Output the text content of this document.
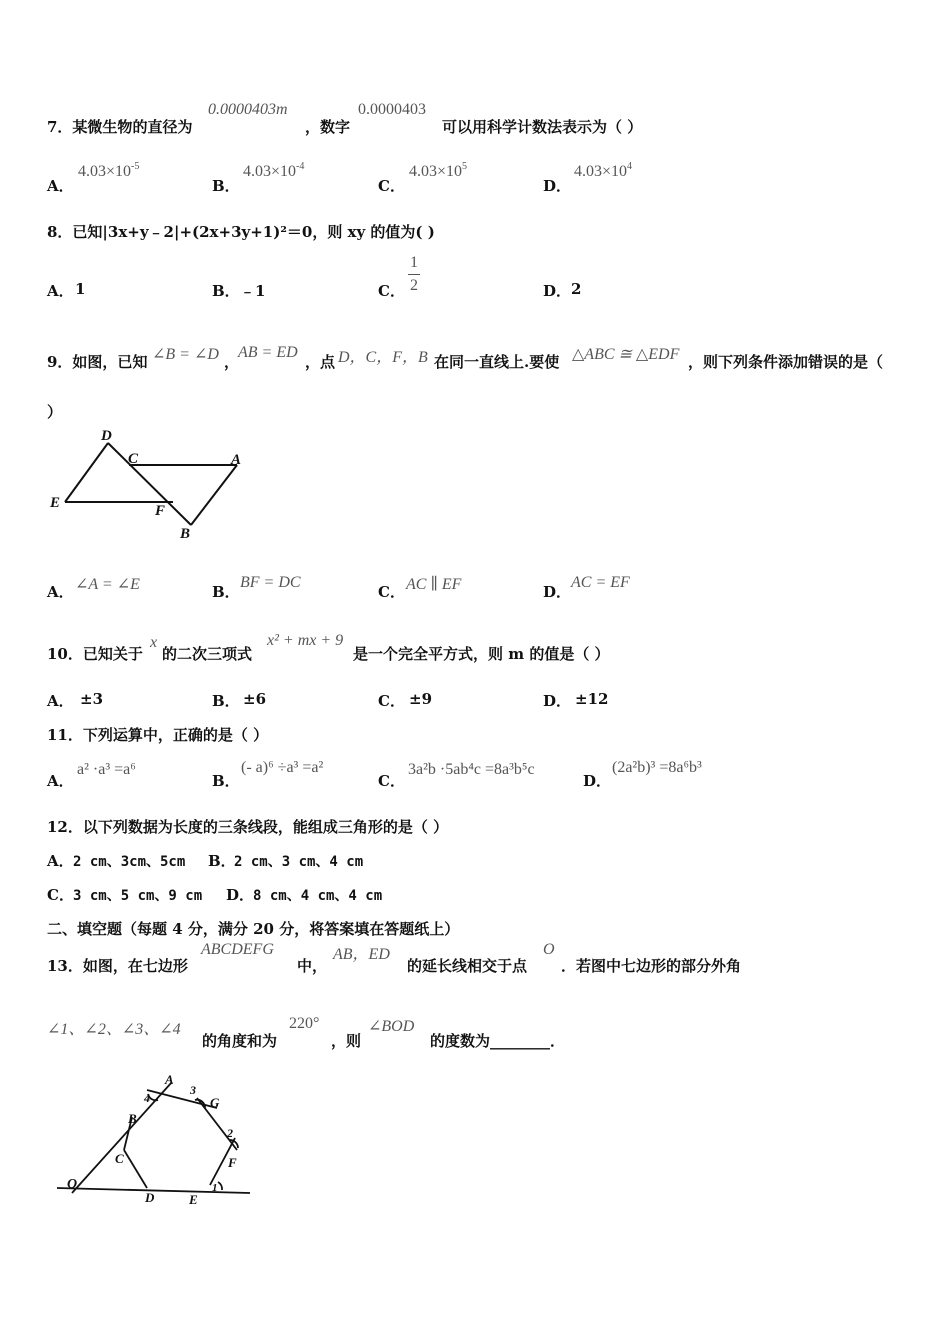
7．某微生物的直径为
0.0000403m
，数字
0.0000403
可以用科学计数法表示为（ ）
A．
$4.03\times 10^{-5}$
B．
$4.03\times 10^{-4}$
C．
$4.03\times 10^5$
D．
$4.03\times 10^4$
8．已知|3x+y﹣2|+(2x+3y+1)²＝0，则 xy 的值为( )
A． 1	B． ﹣1	C．
1
2	D． 2
9．如图，已知 ∠B = ∠D ，
AB = ED
，点 D，C，F，B 在同一直线上.要使 △ABC ≅ △EDF ，则下列条件添加错误的是（
）
D
C	A
E	F
B
A． ∠A = ∠E	B．
BF = DC
C． AC ∥ EF	D．
AC = EF
10．已知关于
x
的二次三项式
x² + mx + 9
是一个完全平方式，则 m 的值是（ ）
A． ±3	B． ±6	C． ±9	D． ±12
11．下列运算中，正确的是（ ）
A．
a² ·a³ =a⁶
B．
(- a)⁶ ÷a³ =a²
C．
3a²b ·5ab⁴c =8a³b⁵c
D．
(2a²b)³ =8a⁶b³
12．以下列数据为长度的三条线段，能组成三角形的是（ ）
A． 2 cm、3cm、5cm B．
2 cm、3 cm、4 cm
C． 3 cm、5 cm、9 cm D．
8 cm、4 cm、4 cm
二、填空题（每题 4 分，满分 20 分，将答案填在答题纸上）
13．如图，在七边形
ABCDEFG
中，
AB，ED
的延长线相交于点
O
．若图中七边形的部分外角
∠1、∠2、∠3、∠4
的角度和为
220°
，则
∠BOD
的度数为________．
A
3
G
4
B
2
C	F
O
D	E
1
